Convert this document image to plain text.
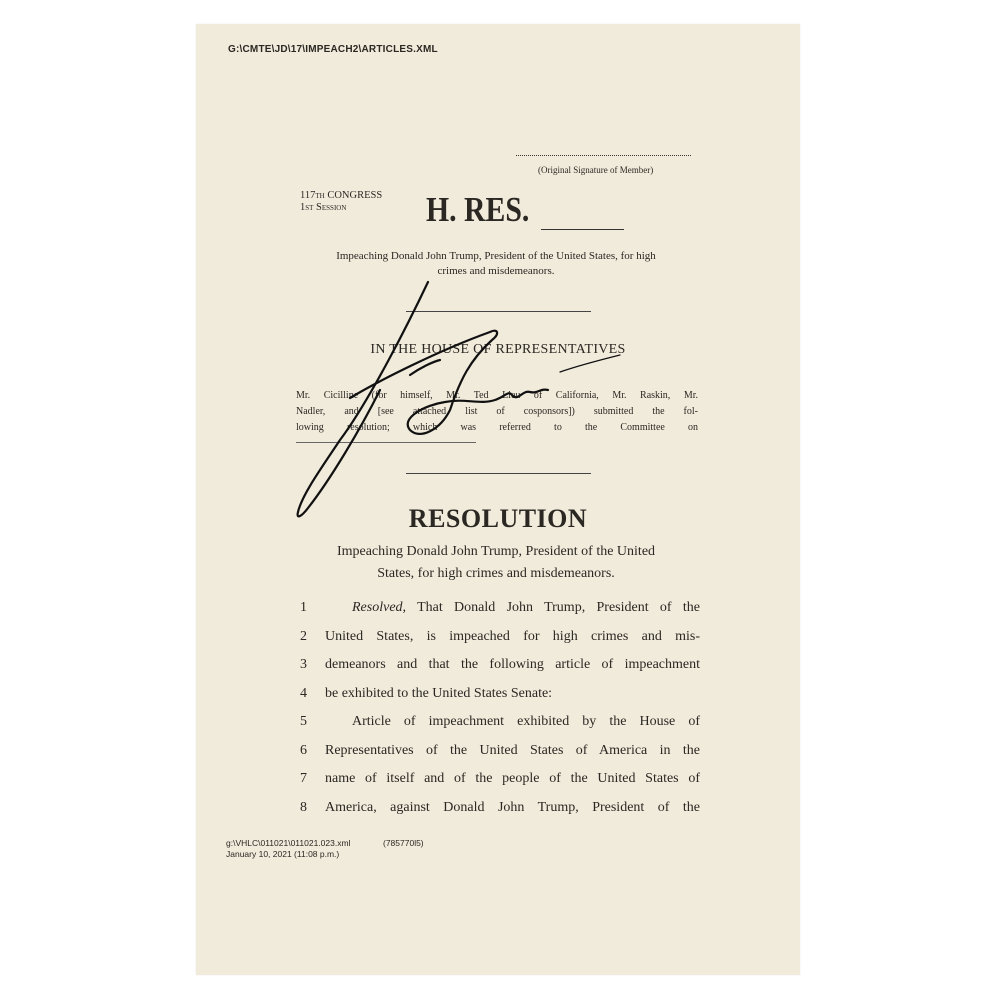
G:\CMTE\JD\17\IMPEACH2\ARTICLES.XML
(Original Signature of Member)
117th CONGRESS
1st Session	H. RES.
Impeaching Donald John Trump, President of the United States, for high
crimes and misdemeanors.
IN THE HOUSE OF REPRESENTATIVES

Mr. Cicilline (for himself, Mr. Ted Lieu of California, Mr. Raskin, Mr.

Nadler, and [see attached list of cosponsors]) submitted the fol-

lowing resolution; which was referred to the Committee on

RESOLUTION
Impeaching Donald John Trump, President of the United
States, for high crimes and misdemeanors.
1	Resolved, That Donald John Trump, President of the
2	United States, is impeached for high crimes and mis-
3	demeanors and that the following article of impeachment
4	be exhibited to the United States Senate:
5	Article of impeachment exhibited by the House of
6	Representatives of the United States of America in the
7	name of itself and of the people of the United States of
8	America, against Donald John Trump, President of the
g:\VHLC\011021\011021.023.xml
January 10, 2021 (11:08 p.m.)
(785770l5)
